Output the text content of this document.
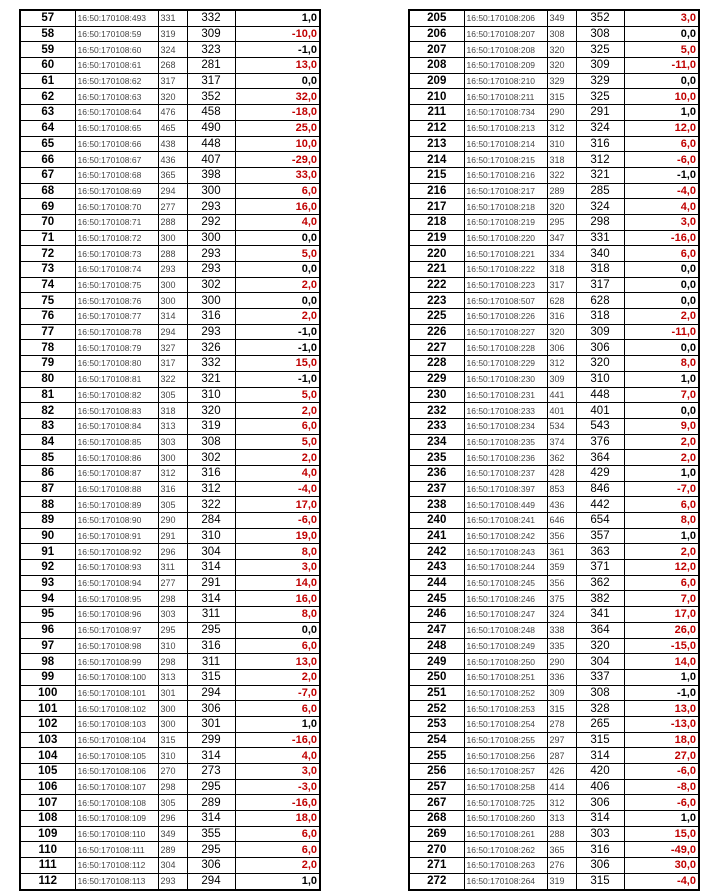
57	16:50:170108:493	331	332	1,0
58	16:50:170108:59	319	309	-10,0
59	16:50:170108:60	324	323	-1,0
60	16:50:170108:61	268	281	13,0
61	16:50:170108:62	317	317	0,0
62	16:50:170108:63	320	352	32,0
63	16:50:170108:64	476	458	-18,0
64	16:50:170108:65	465	490	25,0
65	16:50:170108:66	438	448	10,0
66	16:50:170108:67	436	407	-29,0
67	16:50:170108:68	365	398	33,0
68	16:50:170108:69	294	300	6,0
69	16:50:170108:70	277	293	16,0
70	16:50:170108:71	288	292	4,0
71	16:50:170108:72	300	300	0,0
72	16:50:170108:73	288	293	5,0
73	16:50:170108:74	293	293	0,0
74	16:50:170108:75	300	302	2,0
75	16:50:170108:76	300	300	0,0
76	16:50:170108:77	314	316	2,0
77	16:50:170108:78	294	293	-1,0
78	16:50:170108:79	327	326	-1,0
79	16:50:170108:80	317	332	15,0
80	16:50:170108:81	322	321	-1,0
81	16:50:170108:82	305	310	5,0
82	16:50:170108:83	318	320	2,0
83	16:50:170108:84	313	319	6,0
84	16:50:170108:85	303	308	5,0
85	16:50:170108:86	300	302	2,0
86	16:50:170108:87	312	316	4,0
87	16:50:170108:88	316	312	-4,0
88	16:50:170108:89	305	322	17,0
89	16:50:170108:90	290	284	-6,0
90	16:50:170108:91	291	310	19,0
91	16:50:170108:92	296	304	8,0
92	16:50:170108:93	311	314	3,0
93	16:50:170108:94	277	291	14,0
94	16:50:170108:95	298	314	16,0
95	16:50:170108:96	303	311	8,0
96	16:50:170108:97	295	295	0,0
97	16:50:170108:98	310	316	6,0
98	16:50:170108:99	298	311	13,0
99	16:50:170108:100	313	315	2,0
100	16:50:170108:101	301	294	-7,0
101	16:50:170108:102	300	306	6,0
102	16:50:170108:103	300	301	1,0
103	16:50:170108:104	315	299	-16,0
104	16:50:170108:105	310	314	4,0
105	16:50:170108:106	270	273	3,0
106	16:50:170108:107	298	295	-3,0
107	16:50:170108:108	305	289	-16,0
108	16:50:170108:109	296	314	18,0
109	16:50:170108:110	349	355	6,0
110	16:50:170108:111	289	295	6,0
111	16:50:170108:112	304	306	2,0
112	16:50:170108:113	293	294	1,0
205	16:50:170108:206	349	352	3,0
206	16:50:170108:207	308	308	0,0
207	16:50:170108:208	320	325	5,0
208	16:50:170108:209	320	309	-11,0
209	16:50:170108:210	329	329	0,0
210	16:50:170108:211	315	325	10,0
211	16:50:170108:734	290	291	1,0
212	16:50:170108:213	312	324	12,0
213	16:50:170108:214	310	316	6,0
214	16:50:170108:215	318	312	-6,0
215	16:50:170108:216	322	321	-1,0
216	16:50:170108:217	289	285	-4,0
217	16:50:170108:218	320	324	4,0
218	16:50:170108:219	295	298	3,0
219	16:50:170108:220	347	331	-16,0
220	16:50:170108:221	334	340	6,0
221	16:50:170108:222	318	318	0,0
222	16:50:170108:223	317	317	0,0
223	16:50:170108:507	628	628	0,0
225	16:50:170108:226	316	318	2,0
226	16:50:170108:227	320	309	-11,0
227	16:50:170108:228	306	306	0,0
228	16:50:170108:229	312	320	8,0
229	16:50:170108:230	309	310	1,0
230	16:50:170108:231	441	448	7,0
232	16:50:170108:233	401	401	0,0
233	16:50:170108:234	534	543	9,0
234	16:50:170108:235	374	376	2,0
235	16:50:170108:236	362	364	2,0
236	16:50:170108:237	428	429	1,0
237	16:50:170108:397	853	846	-7,0
238	16:50:170108:449	436	442	6,0
240	16:50:170108:241	646	654	8,0
241	16:50:170108:242	356	357	1,0
242	16:50:170108:243	361	363	2,0
243	16:50:170108:244	359	371	12,0
244	16:50:170108:245	356	362	6,0
245	16:50:170108:246	375	382	7,0
246	16:50:170108:247	324	341	17,0
247	16:50:170108:248	338	364	26,0
248	16:50:170108:249	335	320	-15,0
249	16:50:170108:250	290	304	14,0
250	16:50:170108:251	336	337	1,0
251	16:50:170108:252	309	308	-1,0
252	16:50:170108:253	315	328	13,0
253	16:50:170108:254	278	265	-13,0
254	16:50:170108:255	297	315	18,0
255	16:50:170108:256	287	314	27,0
256	16:50:170108:257	426	420	-6,0
257	16:50:170108:258	414	406	-8,0
267	16:50:170108:725	312	306	-6,0
268	16:50:170108:260	313	314	1,0
269	16:50:170108:261	288	303	15,0
270	16:50:170108:262	365	316	-49,0
271	16:50:170108:263	276	306	30,0
272	16:50:170108:264	319	315	-4,0
